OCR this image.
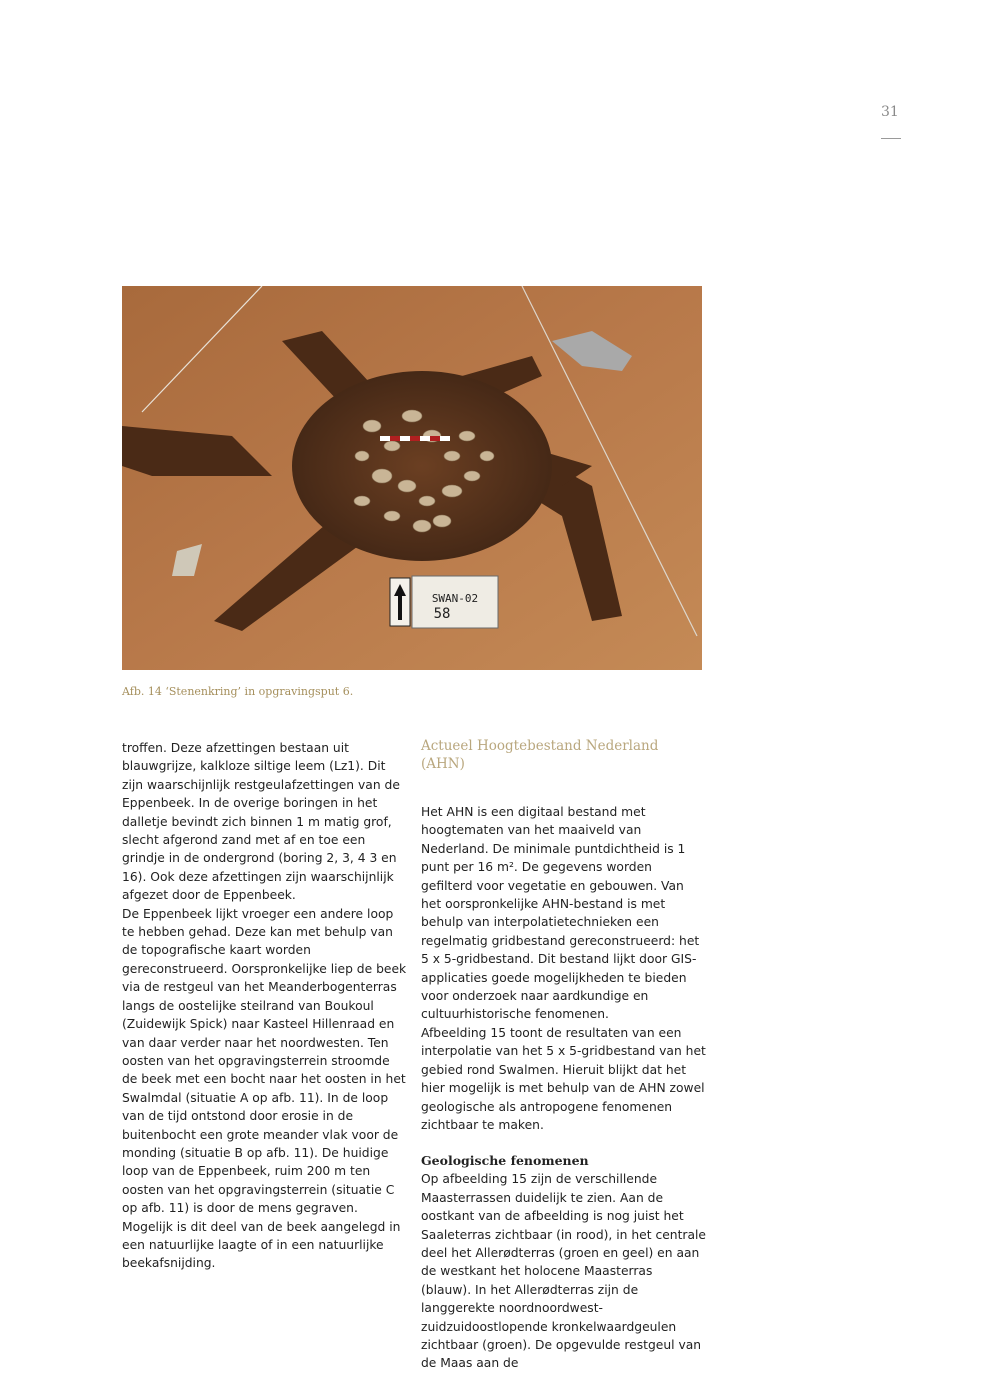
31
SWAN-02
58
Afb. 14 ‘Stenenkring’ in opgravingsput 6.

troffen. Deze afzettingen bestaan uit blauwgrijze, kalkloze siltige leem (Lz1). Dit zijn waarschijnlijk restgeulafzettingen van de Eppenbeek. In de overige boringen in het dalletje bevindt zich binnen 1 m matig grof, slecht afgerond zand met af en toe een grindje in de ondergrond (boring 2, 3, 4 3 en 16). Ook deze afzettingen zijn waarschijnlijk afgezet door de Eppenbeek.

De Eppenbeek lijkt vroeger een andere loop te hebben gehad. Deze kan met behulp van de topografische kaart worden gereconstrueerd. Oorspronkelijke liep de beek via de restgeul van het Meanderbogenterras langs de oostelijke steilrand van Boukoul (Zuidewijk Spick) naar Kasteel Hillenraad en van daar verder naar het noordwesten. Ten oosten van het opgravingsterrein stroomde de beek met een bocht naar het oosten in het Swalmdal (situatie A op afb. 11). In de loop van de tijd ontstond door erosie in de buitenbocht een grote meander vlak voor de monding (situatie B op afb. 11). De huidige loop van de Eppenbeek, ruim 200 m ten oosten van het opgravingsterrein (situatie C op afb. 11) is door de mens gegraven. Mogelijk is dit deel van de beek aangelegd in een natuurlijke laagte of in een natuurlijke beekafsnijding.

Actueel Hoogtebestand Nederland (AHN)

Het AHN is een digitaal bestand met hoogtematen van het maaiveld van Nederland. De minimale puntdichtheid is 1 punt per 16 m². De gegevens worden gefilterd voor vegetatie en gebouwen. Van het oorspronkelijke AHN-bestand is met behulp van interpolatietechnieken een regelmatig gridbestand gereconstrueerd: het 5 x 5-gridbestand. Dit bestand lijkt door GIS-applicaties goede mogelijkheden te bieden voor onderzoek naar aardkundige en cultuurhistorische fenomenen.

Afbeelding 15 toont de resultaten van een interpolatie van het 5 x 5-gridbestand van het gebied rond Swalmen. Hieruit blijkt dat het hier mogelijk is met behulp van de AHN zowel geologische als antropogene fenomenen zichtbaar te maken.

Geologische fenomenen

Op afbeelding 15 zijn de verschillende Maasterrassen duidelijk te zien. Aan de oostkant van de afbeelding is nog juist het Saaleterras zichtbaar (in rood), in het centrale deel het Allerødterras (groen en geel) en aan de westkant het holocene Maasterras (blauw). In het Allerødterras zijn de langgerekte noordnoordwest-zuidzuidoostlopende kronkelwaardgeulen zichtbaar (groen). De opgevulde restgeul van de Maas aan de
